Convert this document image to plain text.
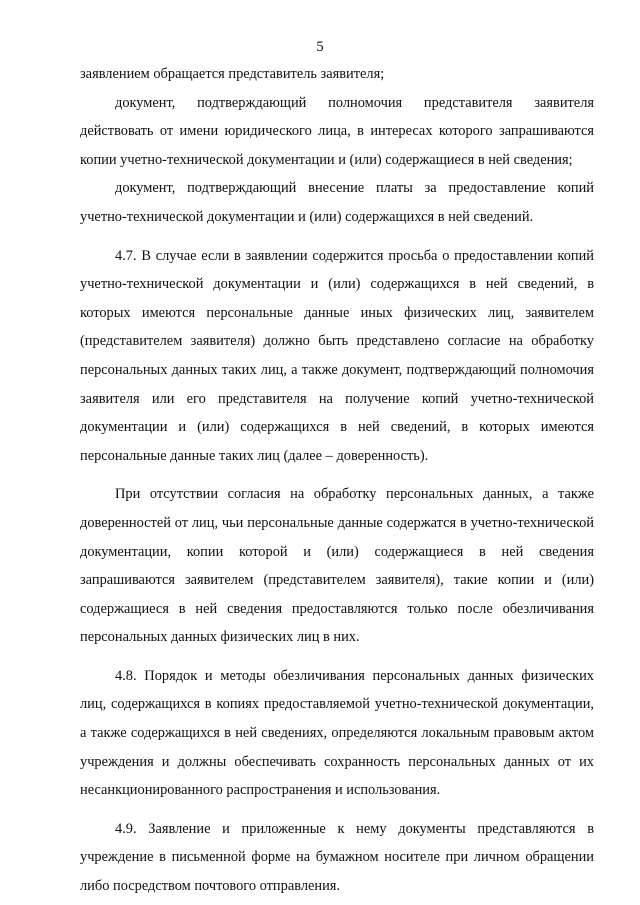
5

заявлением обращается представитель заявителя;

документ, подтверждающий полномочия представителя заявителя действовать от имени юридического лица, в интересах которого запрашиваются копии учетно-технической документации и (или) содержащиеся в ней сведения;

документ, подтверждающий внесение платы за предоставление копий учетно-технической документации и (или) содержащихся в ней сведений.

4.7. В случае если в заявлении содержится просьба о предоставлении копий учетно-технической документации и (или) содержащихся в ней сведений, в которых имеются персональные данные иных физических лиц, заявителем (представителем заявителя) должно быть представлено согласие на обработку персональных данных таких лиц, а также документ, подтверждающий полномочия заявителя или его представителя на получение копий учетно-технической документации и (или) содержащихся в ней сведений, в которых имеются персональные данные таких лиц (далее – доверенность).

При отсутствии согласия на обработку персональных данных, а также доверенностей от лиц, чьи персональные данные содержатся в учетно-технической документации, копии которой и (или) содержащиеся в ней сведения запрашиваются заявителем (представителем заявителя), такие копии и (или) содержащиеся в ней сведения предоставляются только после обезличивания персональных данных физических лиц в них.

4.8. Порядок и методы обезличивания персональных данных физических лиц, содержащихся в копиях предоставляемой учетно-технической документации, а также содержащихся в ней сведениях, определяются локальным правовым актом учреждения и должны обеспечивать сохранность персональных данных от их несанкционированного распространения и использования.

4.9. Заявление и приложенные к нему документы представляются в учреждение в письменной форме на бумажном носителе при личном обращении либо посредством почтового отправления.
